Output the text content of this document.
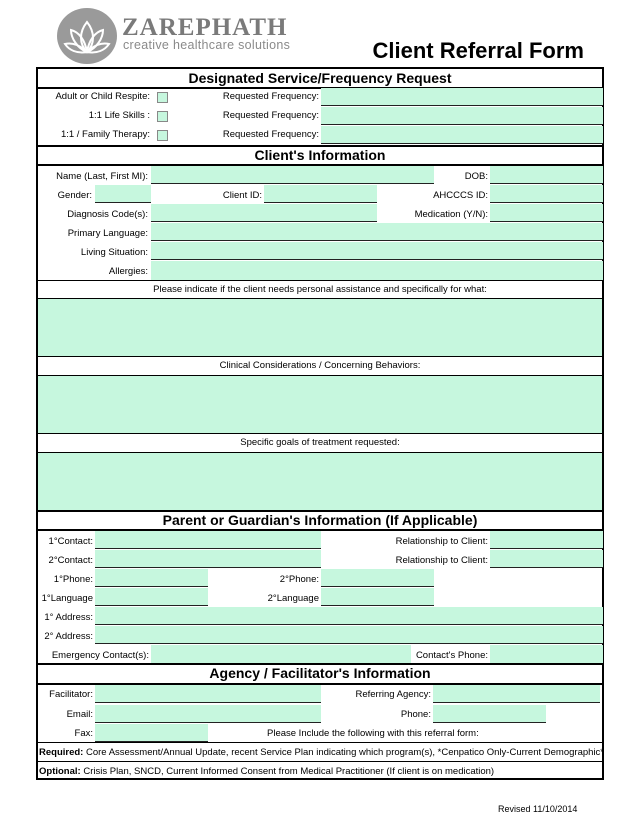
ZAREPHATH
creative healthcare solutions	Client Referral Form
Designated Service/Frequency Request
Adult or Child Respite:	Requested Frequency:
1:1 Life Skills :	Requested Frequency:
1:1 / Family Therapy:	Requested Frequency:
Client's Information
Name (Last, First MI):	DOB:
Gender:	Client ID:	AHCCCS ID:
Diagnosis Code(s):	Medication (Y/N):
Primary Language:
Living Situation:
Allergies:
Please indicate if the client needs personal assistance and specifically for what:
Clinical Considerations / Concerning Behaviors:
Specific goals of treatment requested:
Parent or Guardian's Information (If Applicable)
1°Contact:	Relationship to Client:
2°Contact:	Relationship to Client:
1°Phone:	2°Phone:
1°Language	2°Language
1° Address:
2° Address:
Emergency Contact(s):	Contact's Phone:
Agency / Facilitator's Information
Facilitator:	Referring Agency:
Email:	Phone:
Fax:	Please Include the following with this referral form:
Required: Core Assessment/Annual Update, recent Service Plan indicating which program(s), *Cenpatico Only-Current Demographic*
Optional: Crisis Plan, SNCD, Current Informed Consent from Medical Practitioner (If client is on medication)
Revised 11/10/2014
